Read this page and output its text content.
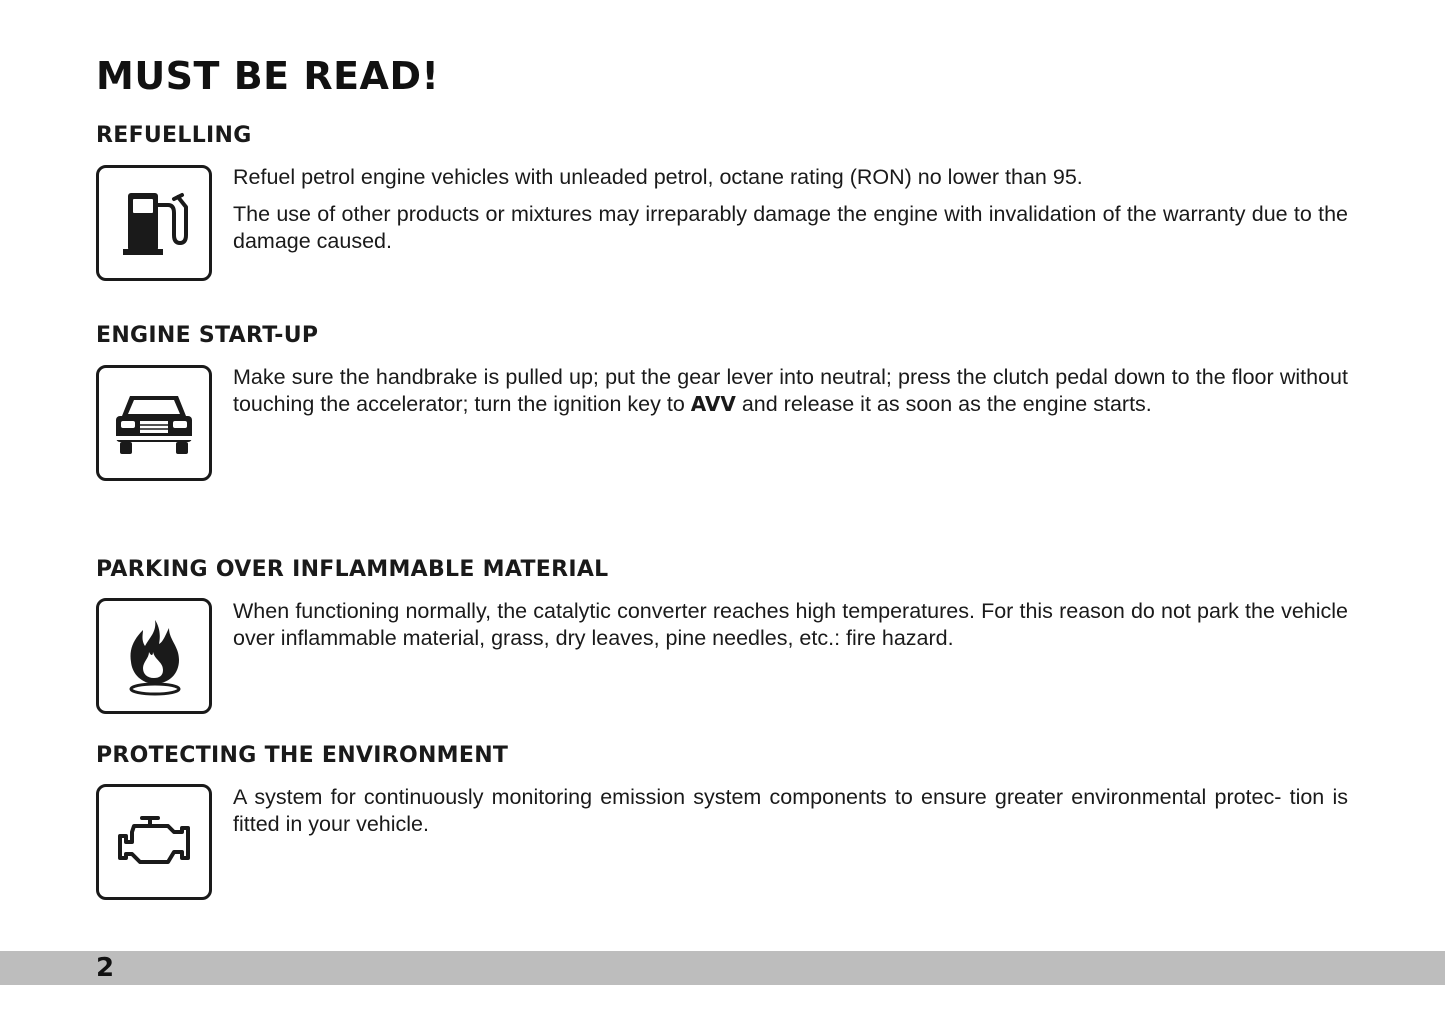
MUST BE READ!
REFUELLING

Refuel petrol engine vehicles with unleaded petrol, octane rating (RON) no lower than 95.

The use of other products or mixtures may irreparably damage the engine with invalidation of the warranty due to the damage caused.

ENGINE START-UP

Make sure the handbrake is pulled up; put the gear lever into neutral; press the clutch pedal down to the floor without touching the accelerator; turn the ignition key to AVV and release it as soon as the engine starts.

PARKING OVER INFLAMMABLE MATERIAL

When functioning normally, the catalytic converter reaches high temperatures. For this reason do not park the vehicle over inflammable material, grass, dry leaves, pine needles, etc.: fire hazard.

PROTECTING THE ENVIRONMENT

A system for continuously monitoring emission system components to ensure greater environmental protec- tion is fitted in your vehicle.

2
